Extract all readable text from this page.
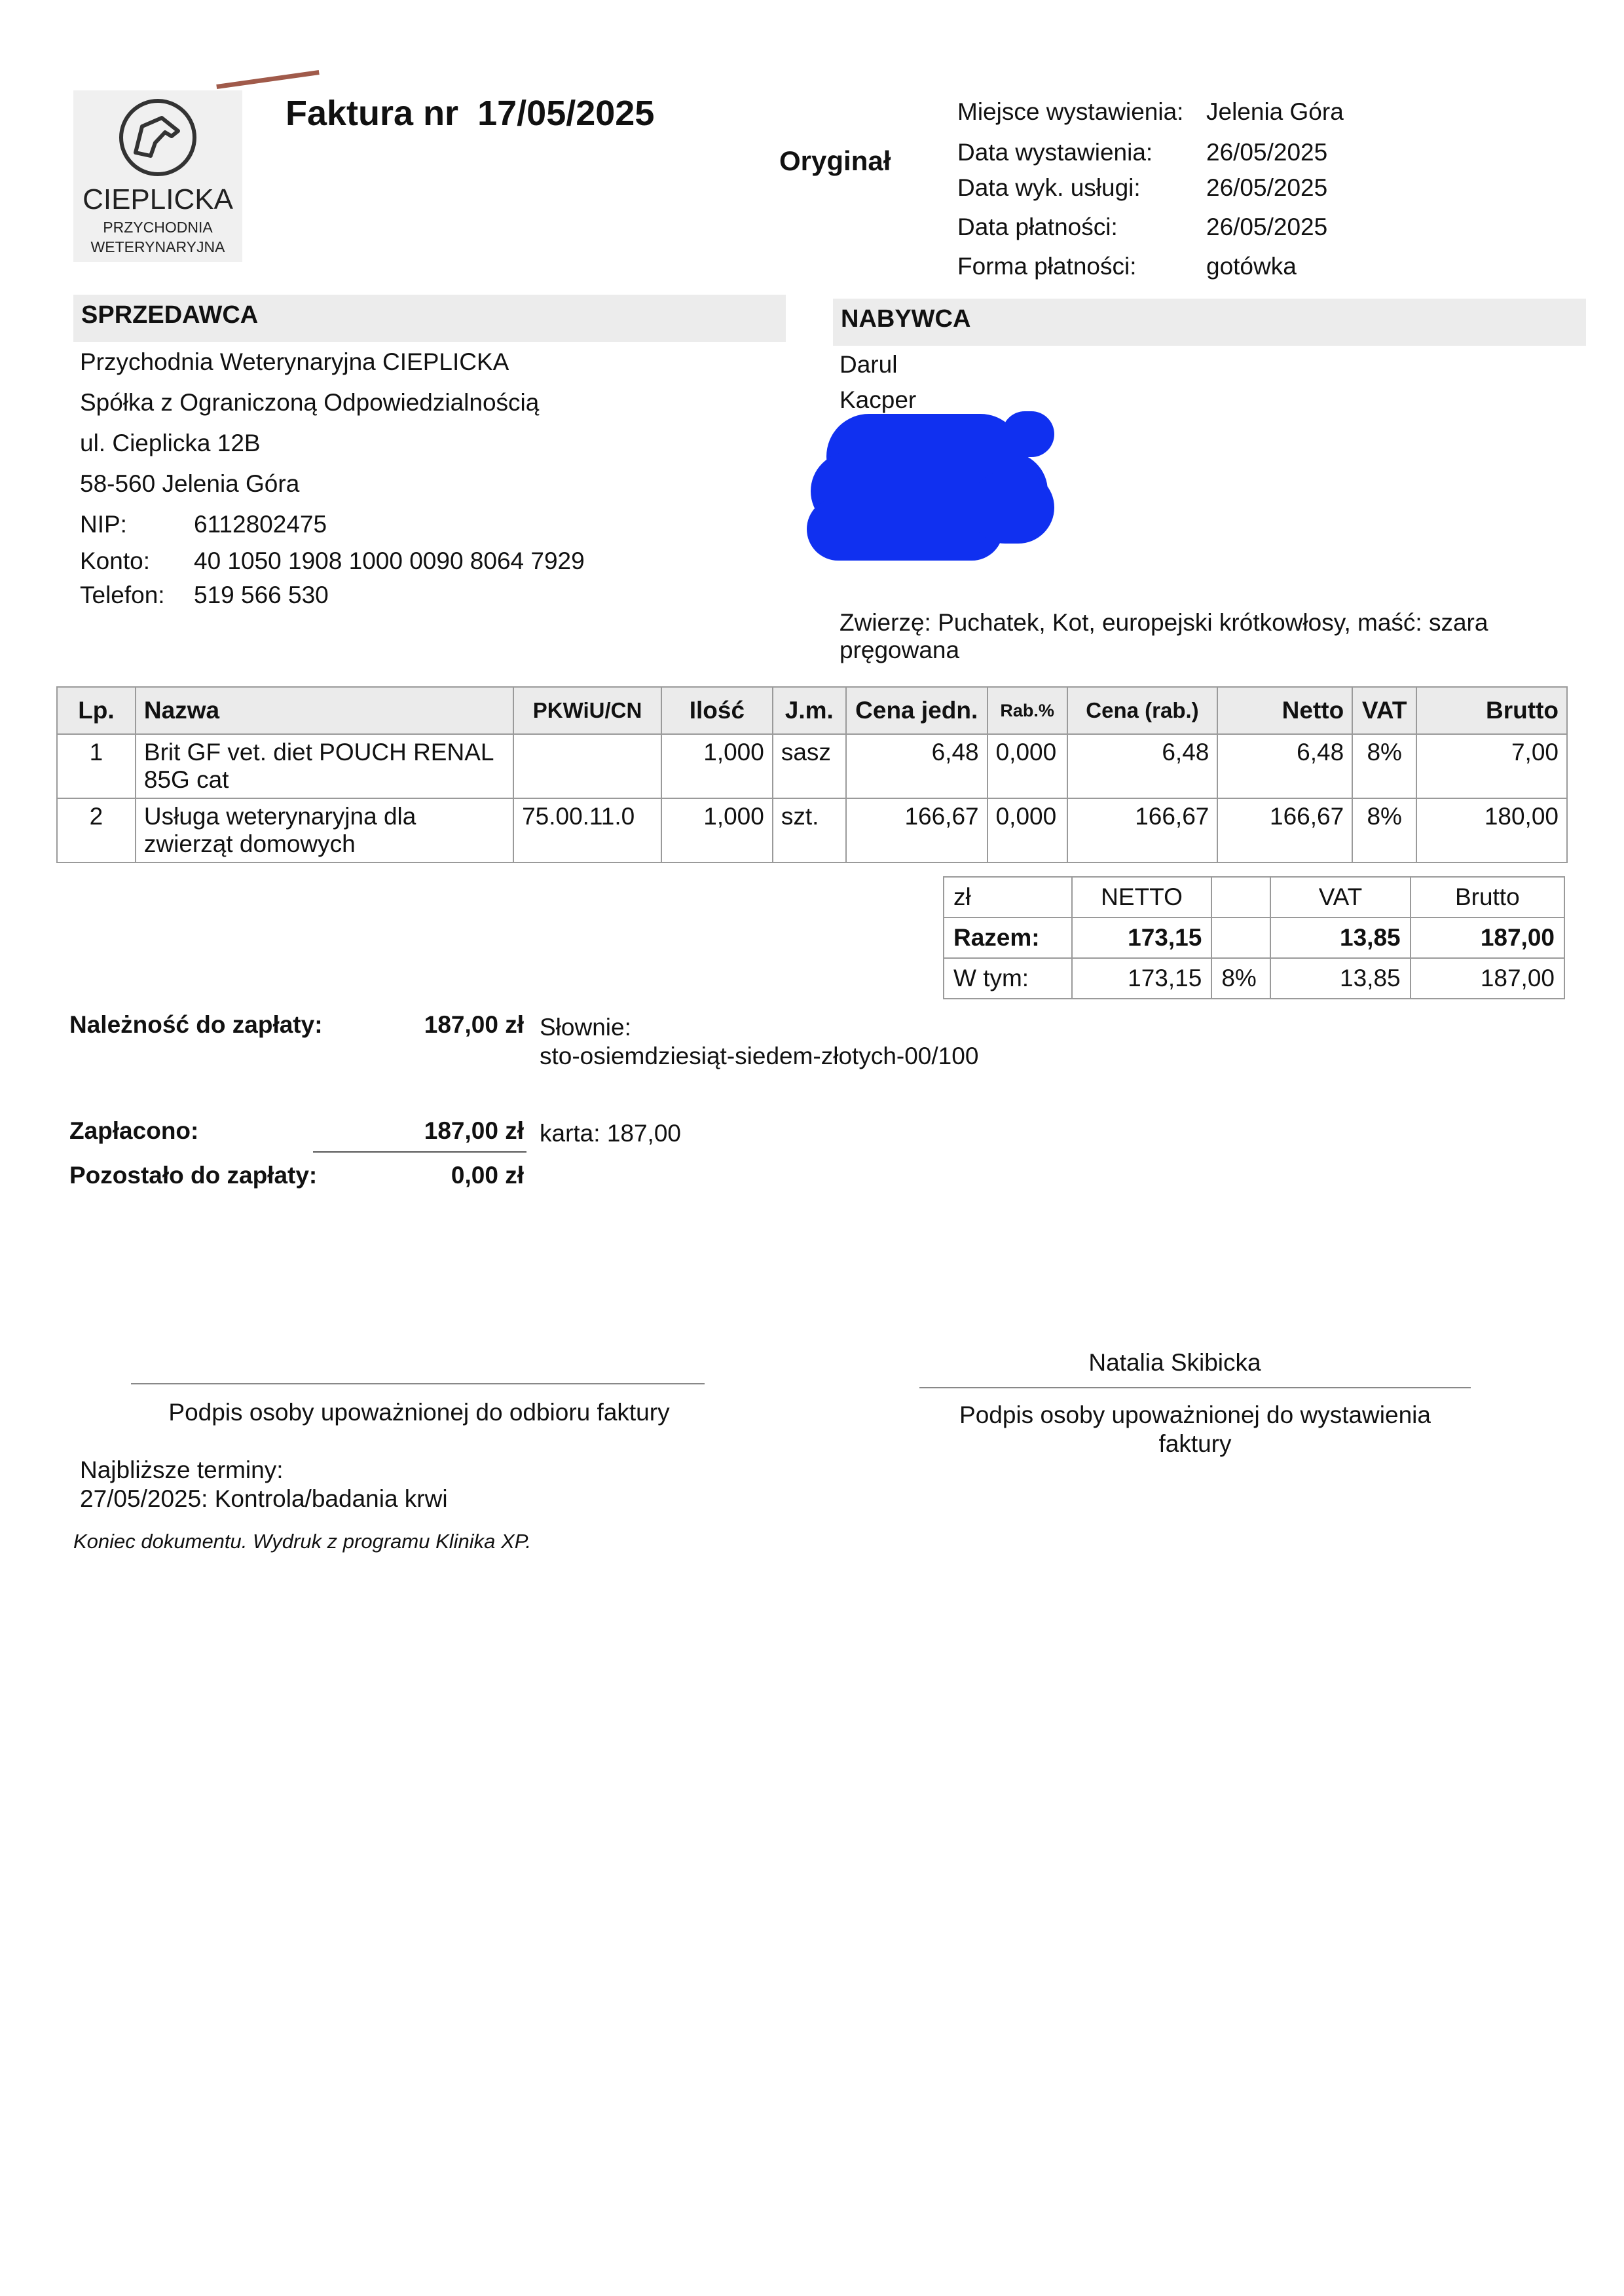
CIEPLICKA
PRZYCHODNIA
WETERYNARYJNA
Faktura nr 17/05/2025
Oryginał
Miejsce wystawienia: Jelenia Góra
Data wystawienia: 26/05/2025
Data wyk. usługi:	26/05/2025
Data płatności:	26/05/2025
Forma płatności:	gotówka
SPRZEDAWCA
Przychodnia Weterynaryjna CIEPLICKA
Spółka z Ograniczoną Odpowiedzialnością
ul. Cieplicka 12B
58-560 Jelenia Góra
NIP:	6112802475
Konto: 40 1050 1908 1000 0090 8064 7929
Telefon: 519 566 530
NABYWCA
Darul
Kacper
Zwierzę: Puchatek, Kot, europejski krótkowłosy, maść: szara
pręgowana
Lp.	Nazwa	PKWiU/CN	Ilość	J.m.	Cena jedn.	Rab.%	Cena (rab.)	Netto	VAT	Brutto
1	Brit GF vet. diet POUCH RENAL
85G cat		1,000	sasz	6,48	0,000	6,48	6,48	8%	7,00
2	Usługa weterynaryjna dla
zwierząt domowych	75.00.11.0	1,000	szt.	166,67	0,000	166,67	166,67	8%	180,00
zł	NETTO		VAT	Brutto
Razem:	173,15		13,85	187,00
W tym:	173,15	8%	13,85	187,00
Należność do zapłaty:	187,00 zł Słownie:
sto-osiemdziesiąt-siedem-złotych-00/100
Zapłacono:	187,00 zł karta: 187,00
Pozostało do zapłaty:	0,00 zł
Natalia Skibicka
Podpis osoby upoważnionej do odbioru faktury	Podpis osoby upoważnionej do wystawienia
faktury
Najbliższe terminy:
27/05/2025: Kontrola/badania krwi
Koniec dokumentu. Wydruk z programu Klinika XP.
